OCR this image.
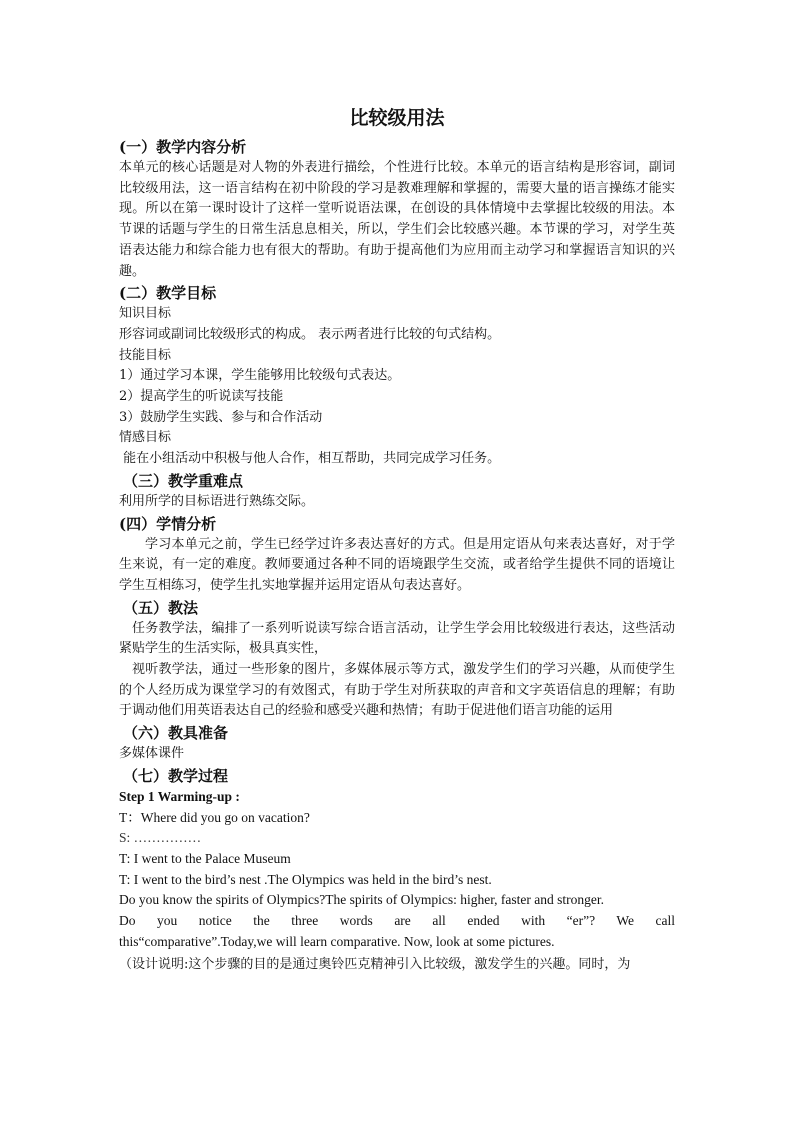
比较级用法
(一）教学内容分析
本单元的核心话题是对人物的外表进行描绘，个性进行比较。本单元的语言结构是形容词，副词比较级用法，这一语言结构在初中阶段的学习是教难理解和掌握的，需要大量的语言操练才能实现。所以在第一课时设计了这样一堂听说语法课，在创设的具体情境中去掌握比较级的用法。本节课的话题与学生的日常生活息息相关，所以，学生们会比较感兴趣。本节课的学习，对学生英语表达能力和综合能力也有很大的帮助。有助于提高他们为应用而主动学习和掌握语言知识的兴趣。
(二）教学目标
知识目标
形容词或副词比较级形式的构成。 表示两者进行比较的句式结构。
技能目标
1）通过学习本课，学生能够用比较级句式表达。
2）提高学生的听说读写技能
3）鼓励学生实践、参与和合作活动
情感目标
能在小组活动中积极与他人合作，相互帮助，共同完成学习任务。
（三）教学重难点
利用所学的目标语进行熟练交际。
(四）学情分析
学习本单元之前，学生已经学过许多表达喜好的方式。但是用定语从句来表达喜好，对于学生来说，有一定的难度。教师要通过各种不同的语境跟学生交流，或者给学生提供不同的语境让学生互相练习，使学生扎实地掌握并运用定语从句表达喜好。
（五）教法
任务教学法，编排了一系列听说读写综合语言活动，让学生学会用比较级进行表达，这些活动紧贴学生的生活实际，极具真实性，
视听教学法，通过一些形象的图片，多媒体展示等方式，激发学生们的学习兴趣，从而使学生的个人经历成为课堂学习的有效图式，有助于学生对所获取的声音和文字英语信息的理解；有助于调动他们用英语表达自己的经验和感受兴趣和热情；有助于促进他们语言功能的运用
（六）教具准备
多媒体课件
（七）教学过程
Step 1 Warming-up :
T：Where did you go on vacation?
S: ……………
T: I went to the Palace Museum
T: I went to the bird’s nest .The Olympics was held in the bird’s nest.
Do you know the spirits of Olympics?The spirits of Olympics: higher, faster and stronger.
Do you notice the three words are all ended with “er”? We call
this“comparative”.Today,we will learn comparative. Now, look at some pictures.
（设计说明:这个步骤的目的是通过奥铃匹克精神引入比较级，激发学生的兴趣。同时，为
